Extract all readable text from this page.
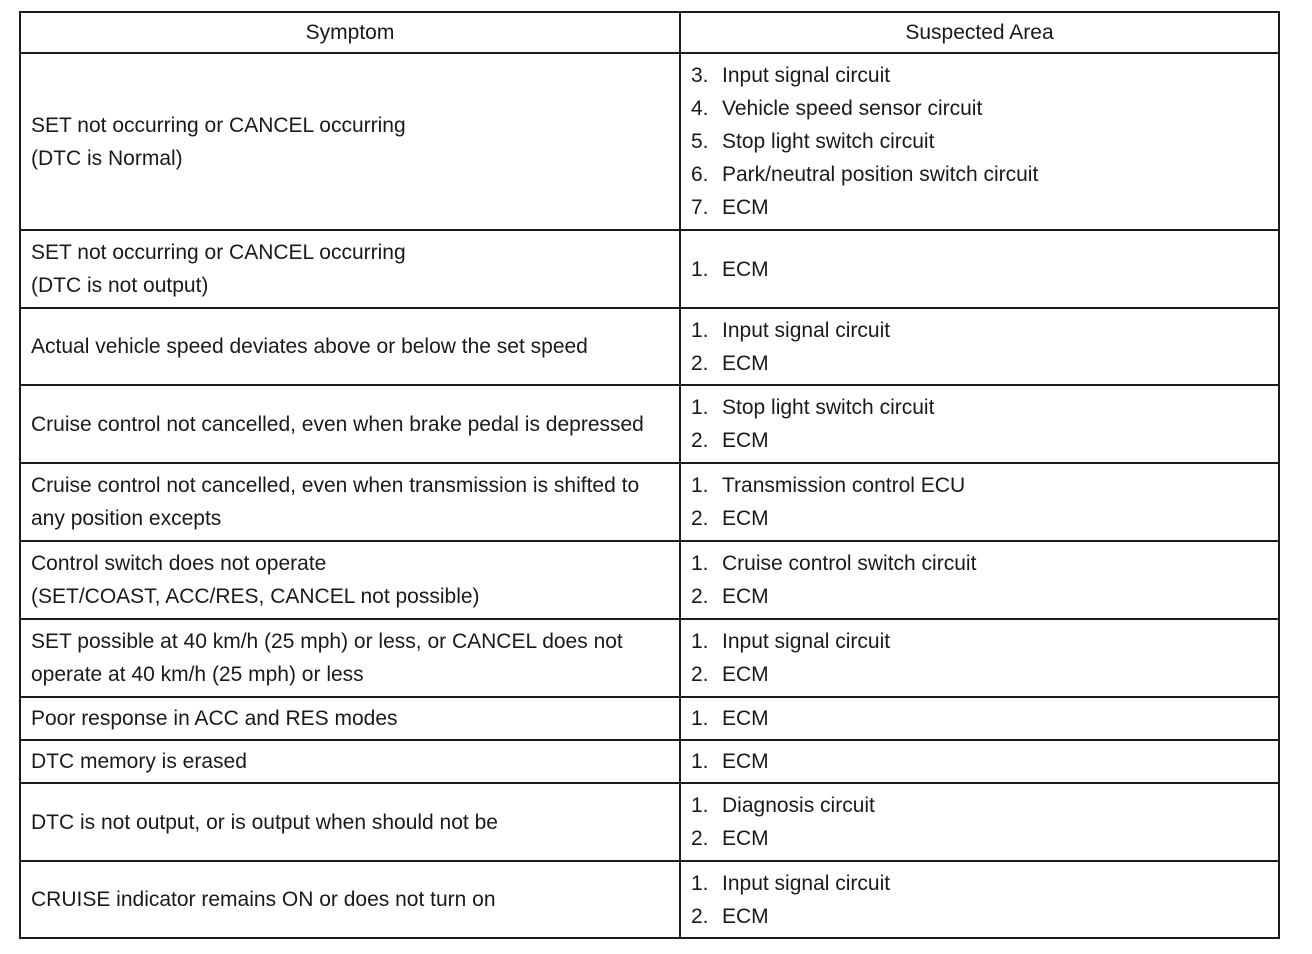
Symptom	Suspected Area

SET not occurring or CANCEL occurring
(DTC is Normal)	3. Input signal circuit
4. Vehicle speed sensor circuit
5. Stop light switch circuit
6. Park/neutral position switch circuit
7. ECM

SET not occurring or CANCEL occurring
(DTC is not output)	1. ECM

Actual vehicle speed deviates above or below the set speed	1. Input signal circuit
2. ECM

Cruise control not cancelled, even when brake pedal is depressed	1. Stop light switch circuit
2. ECM

Cruise control not cancelled, even when transmission is shifted to
any position excepts	1. Transmission control ECU
2. ECM

Control switch does not operate
(SET/COAST, ACC/RES, CANCEL not possible)	1. Cruise control switch circuit
2. ECM

SET possible at 40 km/h (25 mph) or less, or CANCEL does not
operate at 40 km/h (25 mph) or less	1. Input signal circuit
2. ECM

Poor response in ACC and RES modes	1. ECM

DTC memory is erased	1. ECM

DTC is not output, or is output when should not be	1. Diagnosis circuit
2. ECM

CRUISE indicator remains ON or does not turn on	1. Input signal circuit
2. ECM
